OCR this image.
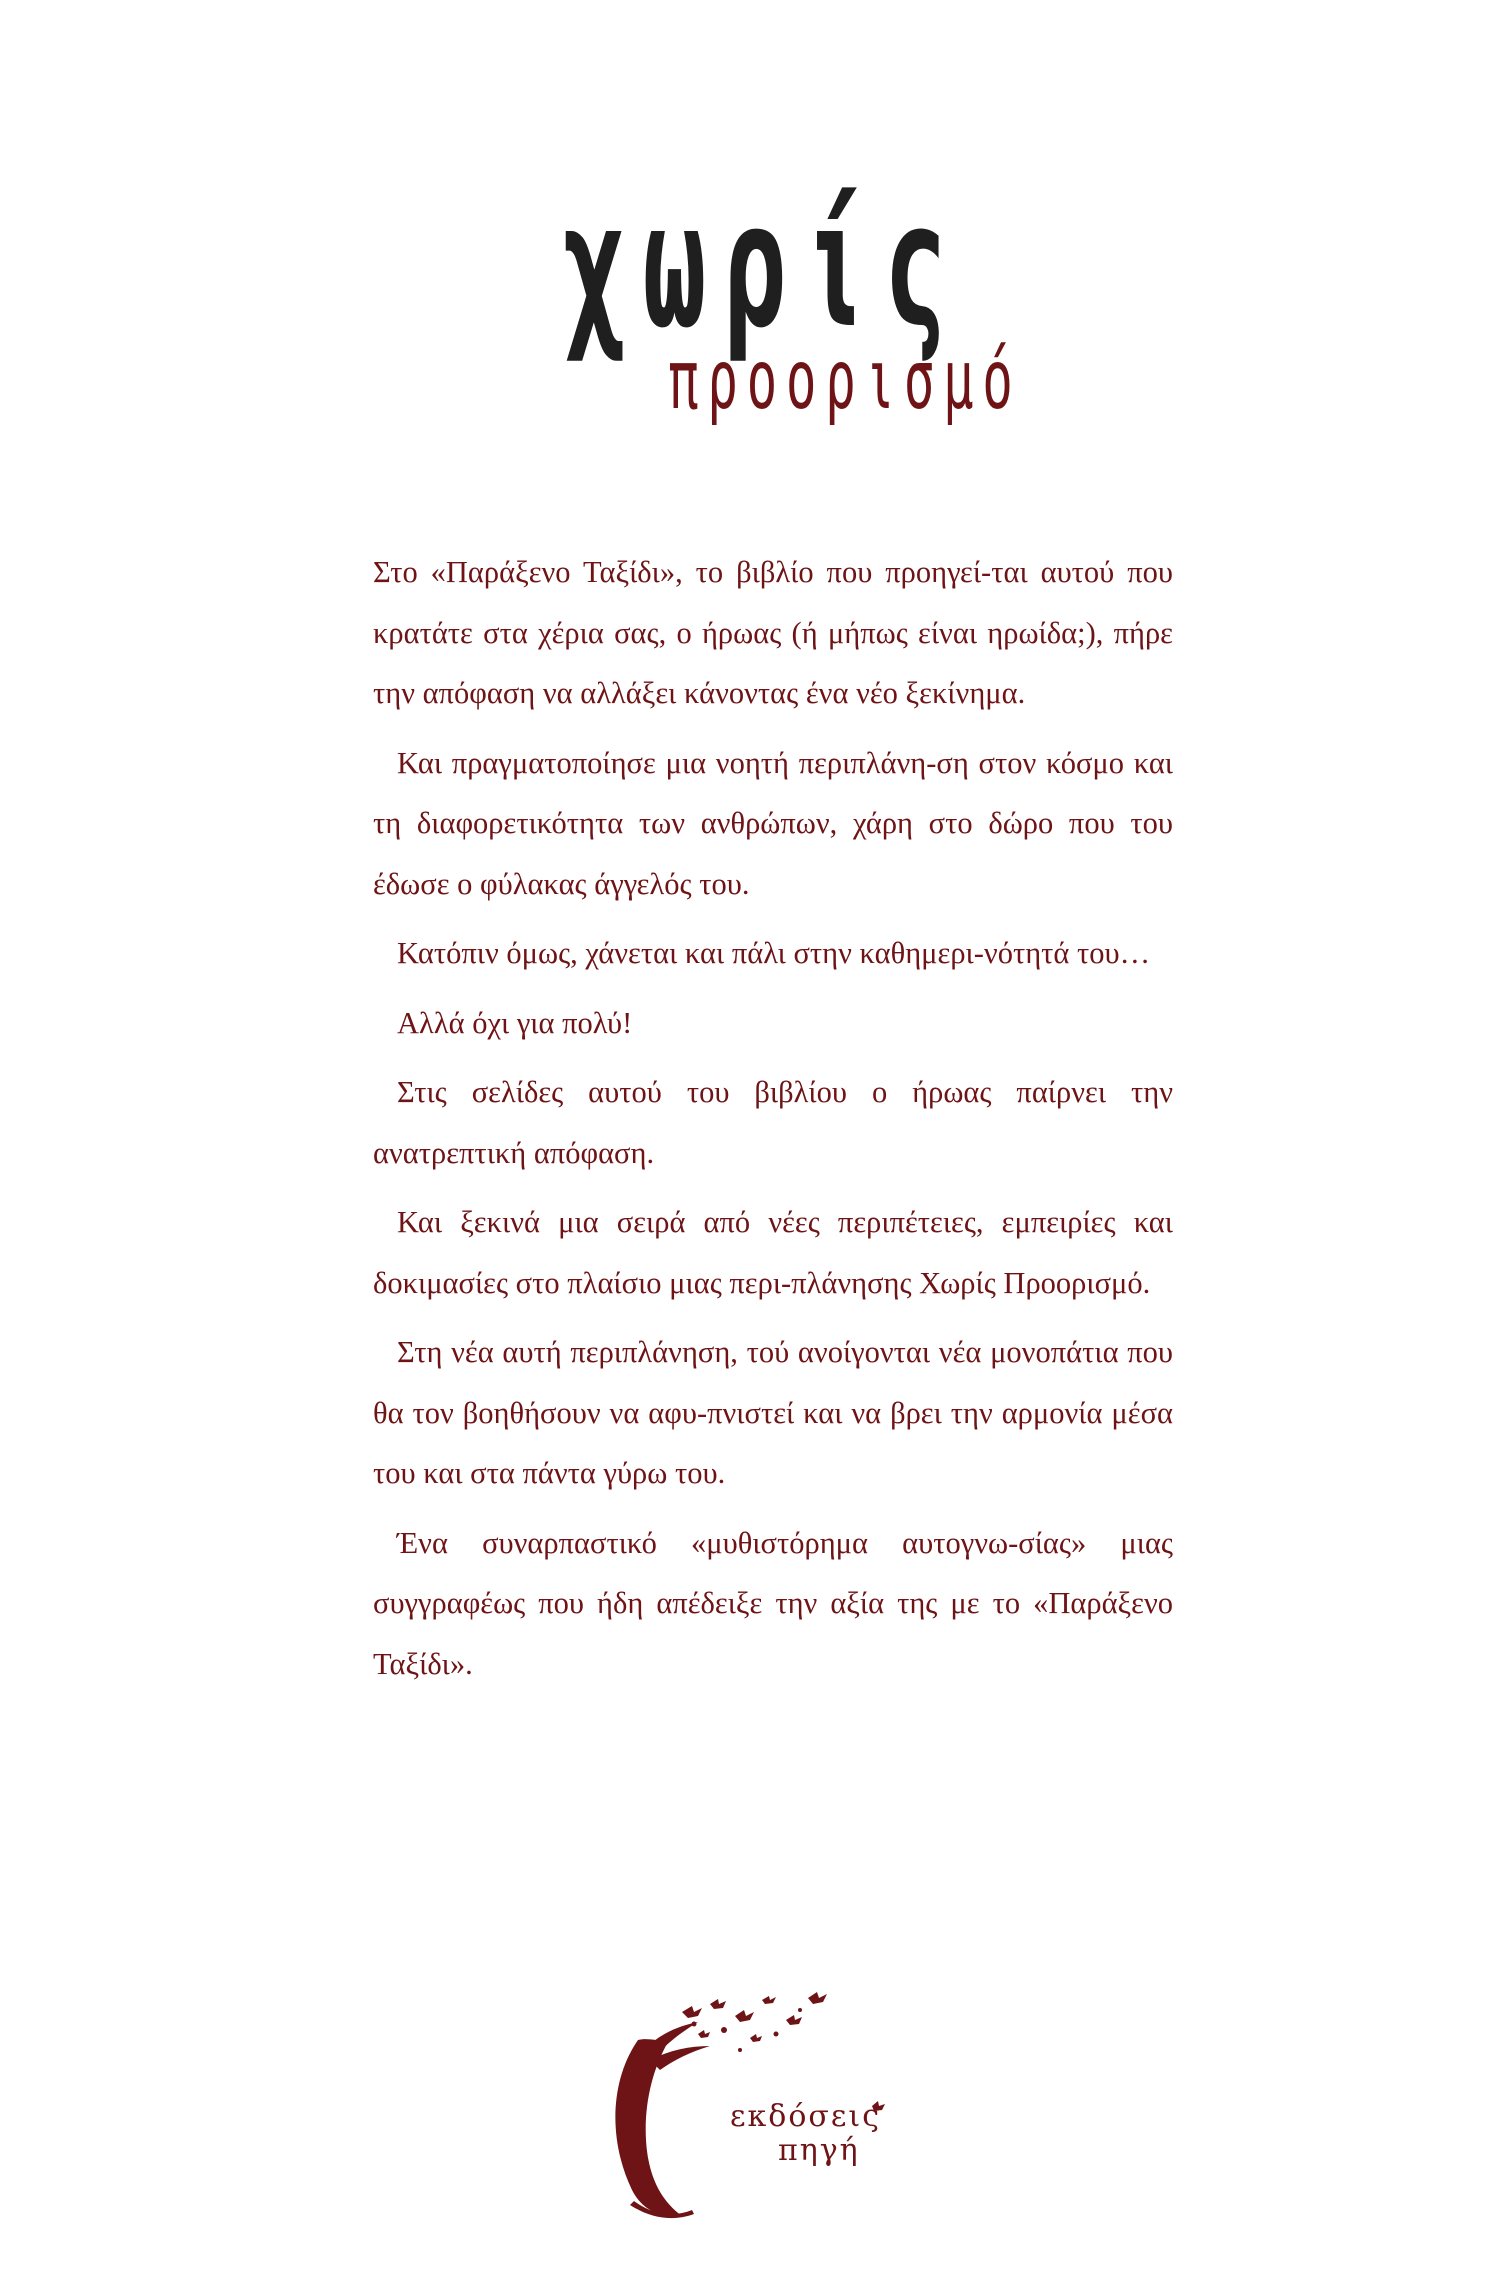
χωρίς
προορισμό

Στο «Παράξενο Ταξίδι», το βιβλίο που προηγεί-ται αυτού που κρατάτε στα χέρια σας, ο ήρωας (ή μήπως είναι ηρωίδα;), πήρε την απόφαση να αλλάξει κάνοντας ένα νέο ξεκίνημα.

Και πραγματοποίησε μια νοητή περιπλάνη-ση στον κόσμο και τη διαφορετικότητα των ανθρώπων, χάρη στο δώρο που του έδωσε ο φύλακας άγγελός του.

Κατόπιν όμως, χάνεται και πάλι στην καθημερι-νότητά του…

Αλλά όχι για πολύ!

Στις σελίδες αυτού του βιβλίου ο ήρωας παίρνει την ανατρεπτική απόφαση.

Και ξεκινά μια σειρά από νέες περιπέτειες, εμπειρίες και δοκιμασίες στο πλαίσιο μιας περι-πλάνησης Χωρίς Προορισμό.

Στη νέα αυτή περιπλάνηση, τού ανοίγονται νέα μονοπάτια που θα τον βοηθήσουν να αφυ-πνιστεί και να βρει την αρμονία μέσα του και στα πάντα γύρω του.

Ένα συναρπαστικό «μυθιστόρημα αυτογνω-σίας» μιας συγγραφέως που ήδη απέδειξε την αξία της με το «Παράξενο Ταξίδι».

εκδόσεις
πηγή
